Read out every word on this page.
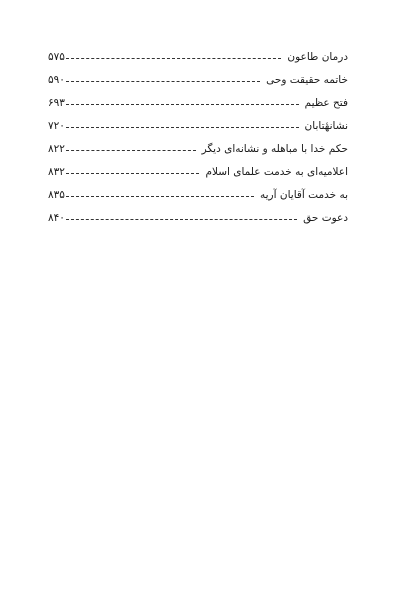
درمان طاعون
۵۷۵
خاتمه حقیقت وحی
۵۹۰
فتح عظیم
۶۹۳
نشانهٔتابان
۷۲۰
حکم خدا با مباهله و نشانه‌ای دیگر
۸۲۲
اعلامیه‌ای به خدمت علمای اسلام
۸۳۲
به خدمت آقایان آریه
۸۳۵
دعوت حق
۸۴۰
